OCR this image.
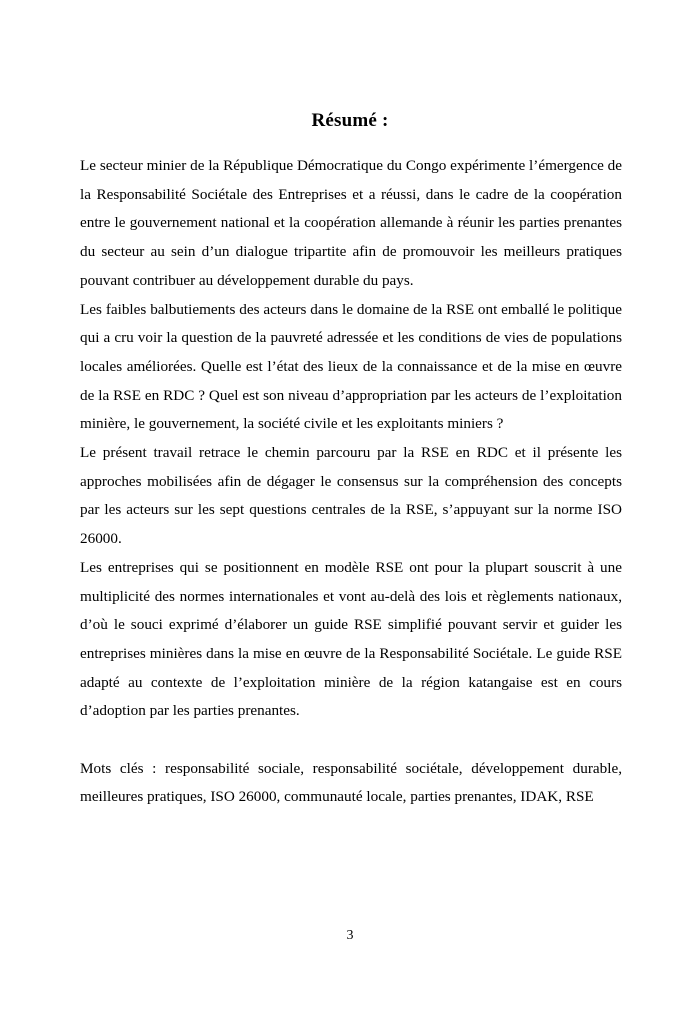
Résumé :

Le secteur minier de la République Démocratique du Congo expérimente l’émergence de la Responsabilité Sociétale des Entreprises et a réussi, dans le cadre de la coopération entre le gouvernement national et la coopération allemande à réunir les parties prenantes du secteur au sein d’un dialogue tripartite afin de promouvoir les meilleurs pratiques pouvant contribuer au développement durable du pays.

Les faibles balbutiements des acteurs dans le domaine de la RSE ont emballé le politique qui a cru voir la question de la pauvreté adressée et les conditions de vies de populations locales améliorées. Quelle est l’état des lieux de la connaissance et de la mise en œuvre de la RSE en RDC ? Quel est son niveau d’appropriation par les acteurs de l’exploitation minière, le gouvernement, la société civile et les exploitants miniers ?

Le présent travail retrace le chemin parcouru par la RSE en RDC et il présente les approches mobilisées afin de dégager le consensus sur la compréhension des concepts par les acteurs sur les sept questions centrales de la RSE, s’appuyant sur la norme ISO 26000.

Les entreprises qui se positionnent en modèle RSE ont pour la plupart souscrit à une multiplicité des normes internationales et vont au-delà des lois et règlements nationaux, d’où le souci exprimé d’élaborer un guide RSE simplifié pouvant servir et guider les entreprises minières dans la mise en œuvre de la Responsabilité Sociétale. Le guide RSE adapté au contexte de l’exploitation minière de la région katangaise est en cours d’adoption par les parties prenantes.

Mots clés : responsabilité sociale, responsabilité sociétale, développement durable, meilleures pratiques, ISO 26000, communauté locale, parties prenantes, IDAK, RSE

3
